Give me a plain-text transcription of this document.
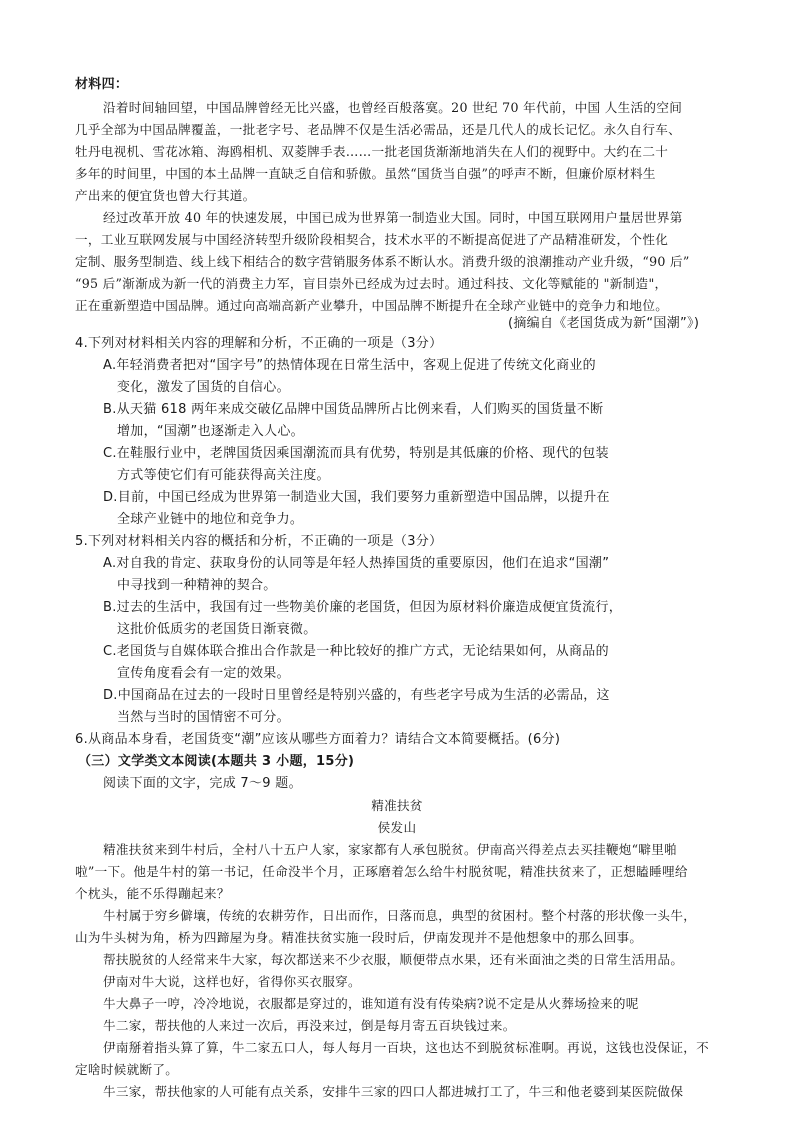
材料四：
沿着时间轴回望，中国品牌曾经无比兴盛，也曾经百般落寞。20 世纪 70 年代前，中国 人生活的空间
几乎全部为中国品牌覆盖，一批老字号、老品牌不仅是生活必需品，还是几代人的成长记忆。永久自行车、
牡丹电视机、雪花冰箱、海鸥相机、双菱牌手表……一批老国货渐渐地消失在人们的视野中。大约在二十
多年的时间里，中国的本土品牌一直缺乏自信和骄傲。虽然“国货当自强”的呼声不断，但廉价原材料生
产出来的便宜货也曾大行其道。
经过改革开放 40 年的快速发展，中国已成为世界第一制造业大国。同时，中国互联网用户量居世界第
一，工业互联网发展与中国经济转型升级阶段相契合，技术水平的不断提高促进了产品精准研发，个性化
定制、服务型制造、线上线下相结合的数字营销服务体系不断认水。消费升级的浪潮推动产业升级，“90 后”
“95 后”渐渐成为新一代的消费主力军，盲目崇外已经成为过去时。通过科技、文化等赋能的 "新制造"，
正在重新塑造中国品牌。通过向高端高新产业攀升，中国品牌不断提升在全球产业链中的竞争力和地位。
(摘编自《老国货成为新“国潮”》)
4.下列对材料相关内容的理解和分析，不正确的一项是（3分）
A.年轻消费者把对“国字号”的热情体现在日常生活中，客观上促进了传统文化商业的
变化，激发了国货的自信心。
B.从天猫 618 两年来成交破亿品牌中国货品牌所占比例来看，人们购买的国货量不断
增加，“国潮”也逐渐走入人心。
C.在鞋服行业中，老牌国货因乘国潮流而具有优势，特别是其低廉的价格、现代的包装
方式等使它们有可能获得高关注度。
D.目前，中国已经成为世界第一制造业大国，我们要努力重新塑造中国品牌，以提升在
全球产业链中的地位和竞争力。
5.下列对材料相关内容的概括和分析，不正确的一项是（3分）
A.对自我的肯定、获取身份的认同等是年轻人热捧国货的重要原因，他们在追求“国潮”
中寻找到一种精神的契合。
B.过去的生活中，我国有过一些物美价廉的老国货，但因为原材料价廉造成便宜货流行，
这批价低质劣的老国货日渐衰微。
C.老国货与自媒体联合推出合作款是一种比较好的推广方式，无论结果如何，从商品的
宣传角度看会有一定的效果。
D.中国商品在过去的一段时日里曾经是特别兴盛的，有些老字号成为生活的必需品，这
当然与当时的国情密不可分。
6.从商品本身看，老国货变“潮”应该从哪些方面着力？请结合文本简要概括。(6分)
（三）文学类文本阅读(本题共 3 小题，15分)
阅读下面的文字，完成 7～9 题。
精准扶贫
侯发山
精准扶贫来到牛村后，全村八十五户人家，家家都有人承包脱贫。伊南高兴得差点去买挂鞭炮“噼里啪
啦”一下。他是牛村的第一书记，任命没半个月，正琢磨着怎么给牛村脱贫呢，精准扶贫来了，正想瞌睡哩给
个枕头，能不乐得蹦起来？
牛村属于穷乡僻壤，传统的农耕劳作，日出而作，日落而息，典型的贫困村。整个村落的形状像一头牛，
山为牛头树为角，桥为四蹄屋为身。精准扶贫实施一段时后，伊南发现并不是他想象中的那么回事。
帮扶脱贫的人经常来牛大家，每次都送来不少衣服，顺便带点水果，还有米面油之类的日常生活用品。
伊南对牛大说，这样也好，省得你买衣服穿。
牛大鼻子一哼，冷冷地说，衣服都是穿过的，谁知道有没有传染病?说不定是从火葬场捡来的呢
牛二家，帮扶他的人来过一次后，再没来过，倒是每月寄五百块钱过来。
伊南掰着指头算了算，牛二家五口人，每人每月一百块，这也达不到脱贫标准啊。再说，这钱也没保证，不
定啥时候就断了。
牛三家，帮扶他家的人可能有点关系，安排牛三家的四口人都进城打工了，牛三和他老婆到某医院做保
